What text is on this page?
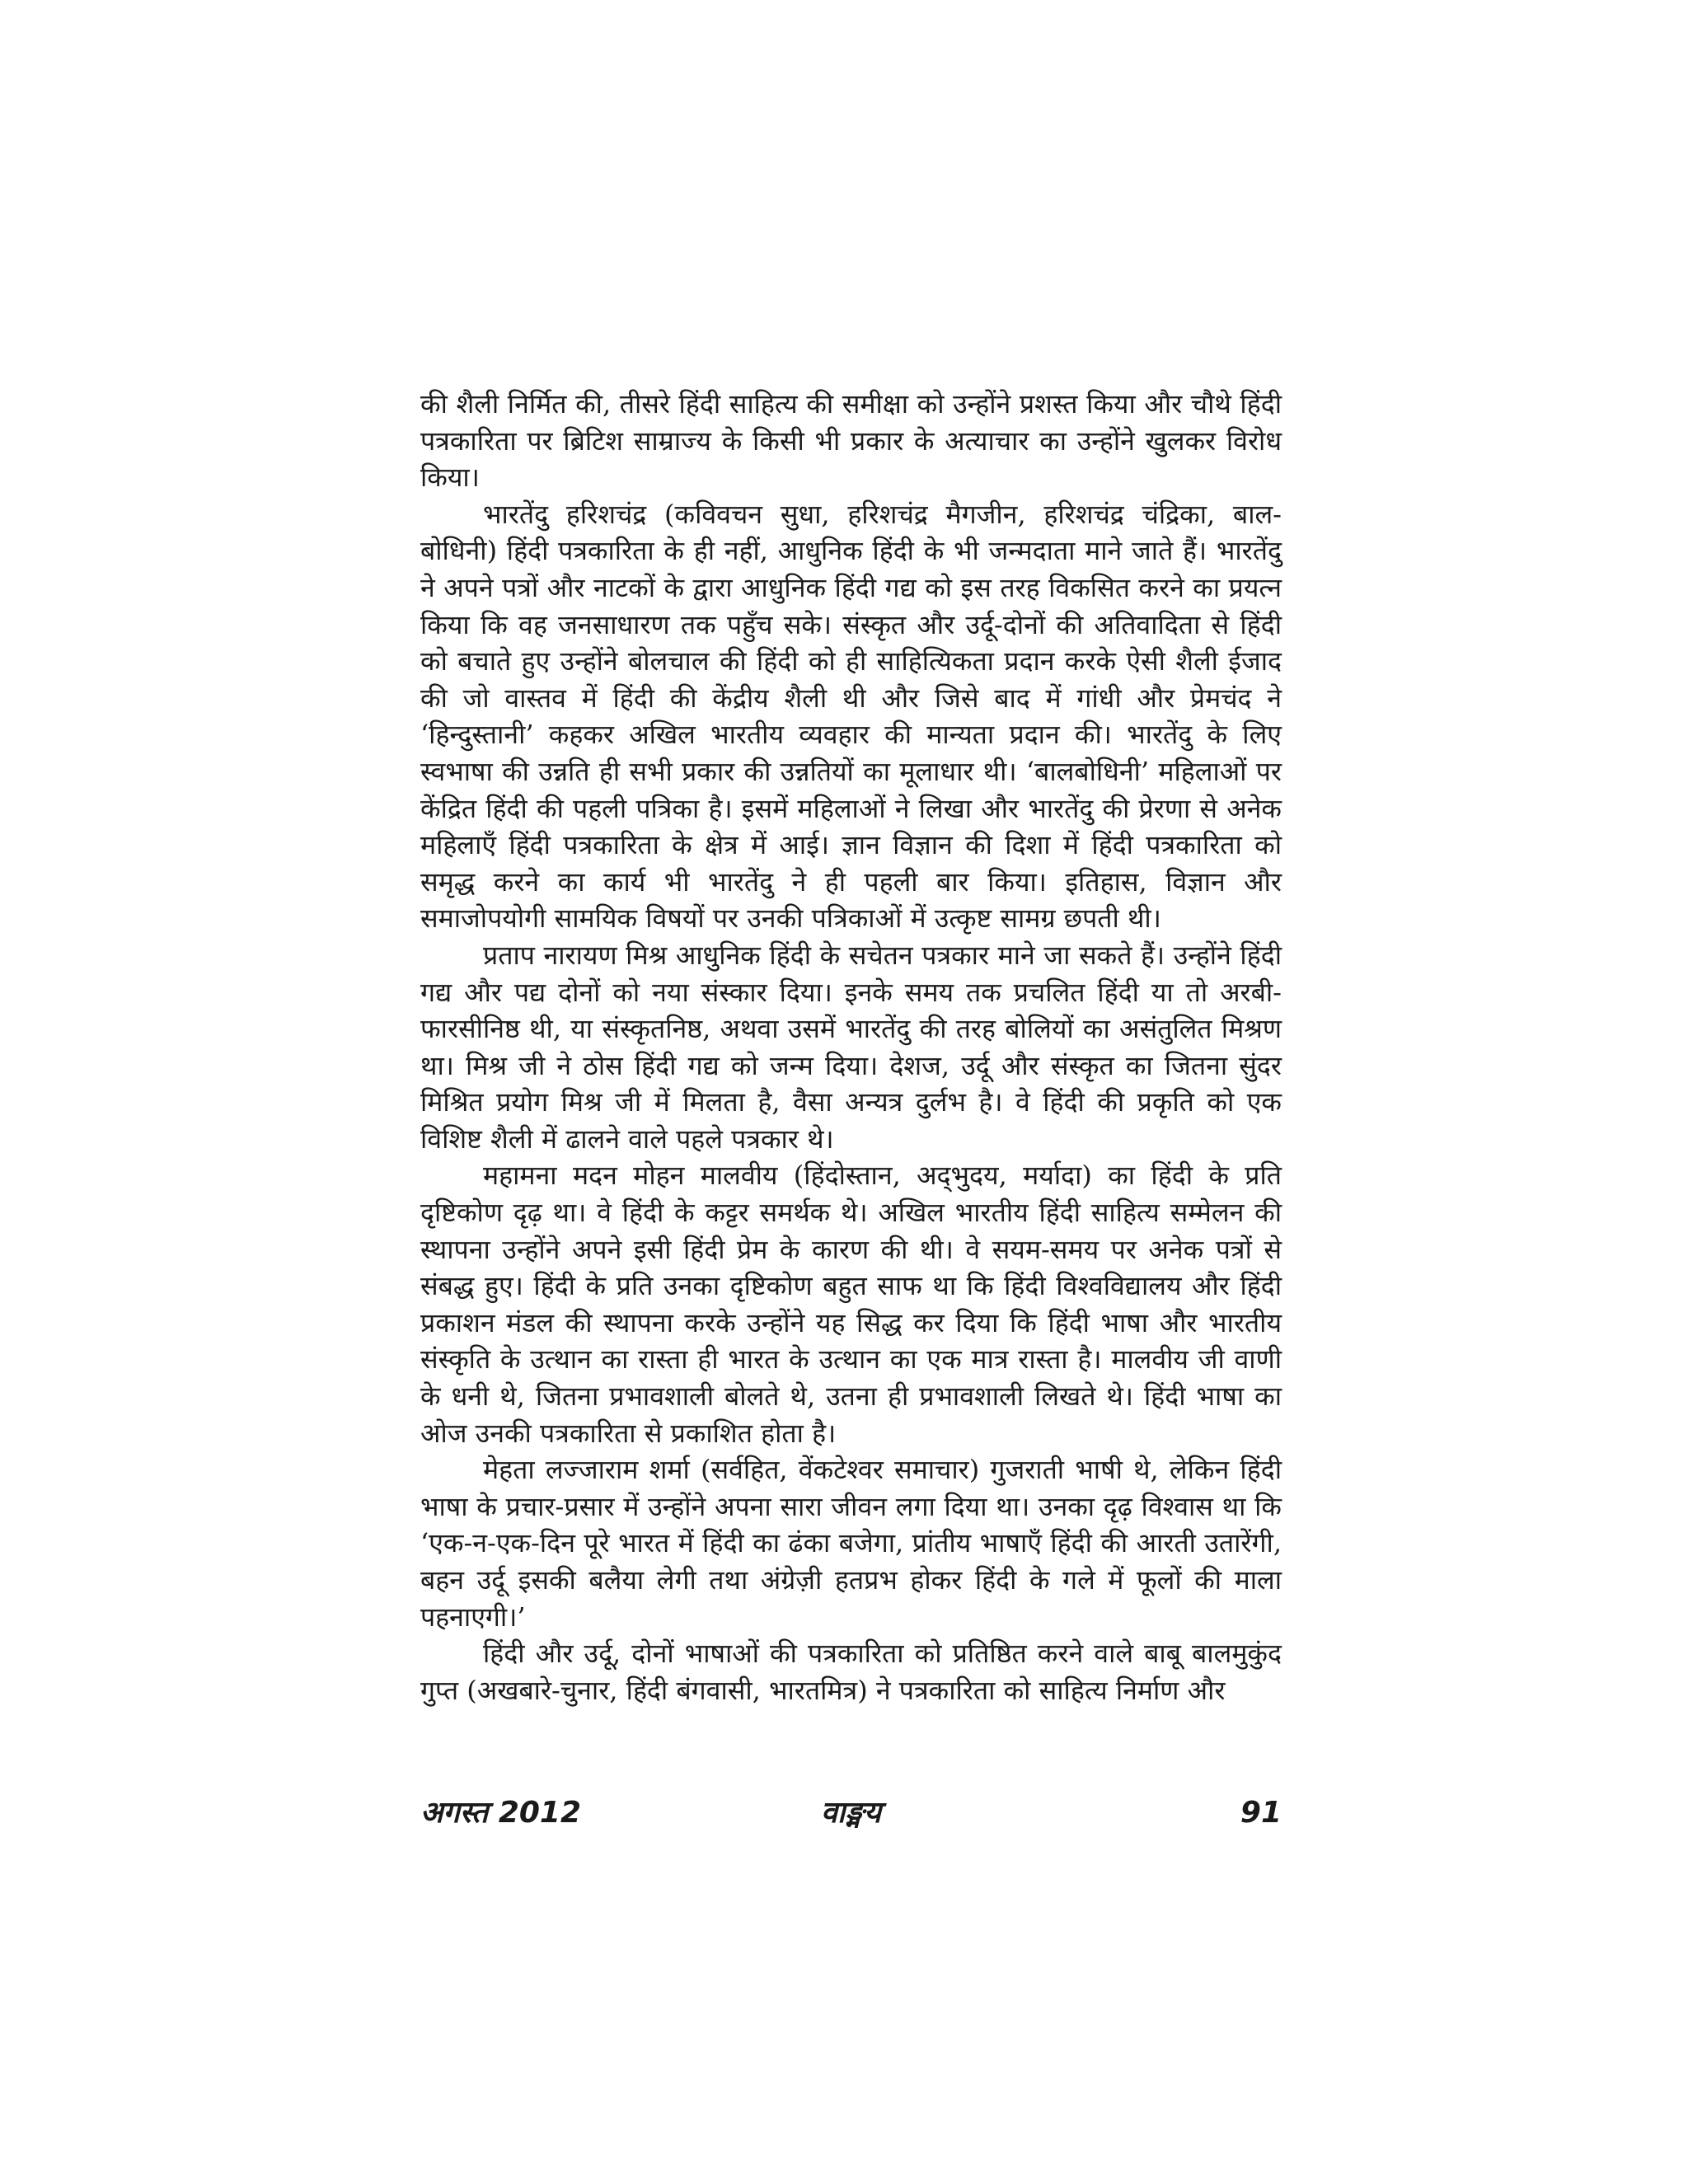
की शैली निर्मित की, तीसरे हिंदी साहित्य की समीक्षा को उन्होंने प्रशस्त किया और चौथे हिंदी पत्रकारिता पर ब्रिटिश साम्राज्य के किसी भी प्रकार के अत्याचार का उन्होंने खुलकर विरोध किया।

भारतेंदु हरिशचंद्र (कविवचन सुधा, हरिशचंद्र मैगजीन, हरिशचंद्र चंद्रिका, बाल-बोधिनी) हिंदी पत्रकारिता के ही नहीं, आधुनिक हिंदी के भी जन्मदाता माने जाते हैं। भारतेंदु ने अपने पत्रों और नाटकों के द्वारा आधुनिक हिंदी गद्य को इस तरह विकसित करने का प्रयत्न किया कि वह जनसाधारण तक पहुँच सके। संस्कृत और उर्दू-दोनों की अतिवादिता से हिंदी को बचाते हुए उन्होंने बोलचाल की हिंदी को ही साहित्यिकता प्रदान करके ऐसी शैली ईजाद की जो वास्तव में हिंदी की केंद्रीय शैली थी और जिसे बाद में गांधी और प्रेमचंद ने ‘हिन्दुस्तानी’ कहकर अखिल भारतीय व्यवहार की मान्यता प्रदान की। भारतेंदु के लिए स्वभाषा की उन्नति ही सभी प्रकार की उन्नतियों का मूलाधार थी। ‘बालबोधिनी’ महिलाओं पर केंद्रित हिंदी की पहली पत्रिका है। इसमें महिलाओं ने लिखा और भारतेंदु की प्रेरणा से अनेक महिलाएँ हिंदी पत्रकारिता के क्षेत्र में आई। ज्ञान विज्ञान की दिशा में हिंदी पत्रकारिता को समृद्ध करने का कार्य भी भारतेंदु ने ही पहली बार किया। इतिहास, विज्ञान और समाजोपयोगी सामयिक विषयों पर उनकी पत्रिकाओं में उत्कृष्ट सामग्र छपती थी।

प्रताप नारायण मिश्र आधुनिक हिंदी के सचेतन पत्रकार माने जा सकते हैं। उन्होंने हिंदी गद्य और पद्य दोनों को नया संस्कार दिया। इनके समय तक प्रचलित हिंदी या तो अरबी-फारसीनिष्ठ थी, या संस्कृतनिष्ठ, अथवा उसमें भारतेंदु की तरह बोलियों का असंतुलित मिश्रण था। मिश्र जी ने ठोस हिंदी गद्य को जन्म दिया। देशज, उर्दू और संस्कृत का जितना सुंदर मिश्रित प्रयोग मिश्र जी में मिलता है, वैसा अन्यत्र दुर्लभ है। वे हिंदी की प्रकृति को एक विशिष्ट शैली में ढालने वाले पहले पत्रकार थे।

महामना मदन मोहन मालवीय (हिंदोस्तान, अद्‌भुदय, मर्यादा) का हिंदी के प्रति दृष्टिकोण दृढ़ था। वे हिंदी के कट्टर समर्थक थे। अखिल भारतीय हिंदी साहित्य सम्मेलन की स्थापना उन्होंने अपने इसी हिंदी प्रेम के कारण की थी। वे सयम-समय पर अनेक पत्रों से संबद्ध हुए। हिंदी के प्रति उनका दृष्टिकोण बहुत साफ था कि हिंदी विश्वविद्यालय और हिंदी प्रकाशन मंडल की स्थापना करके उन्होंने यह सिद्ध कर दिया कि हिंदी भाषा और भारतीय संस्कृति के उत्थान का रास्ता ही भारत के उत्थान का एक मात्र रास्ता है। मालवीय जी वाणी के धनी थे, जितना प्रभावशाली बोलते थे, उतना ही प्रभावशाली लिखते थे। हिंदी भाषा का ओज उनकी पत्रकारिता से प्रकाशित होता है।

मेहता लज्जाराम शर्मा (सर्वहित, वेंकटेश्वर समाचार) गुजराती भाषी थे, लेकिन हिंदी भाषा के प्रचार-प्रसार में उन्होंने अपना सारा जीवन लगा दिया था। उनका दृढ़ विश्वास था कि ‘एक-न-एक-दिन पूरे भारत में हिंदी का ढंका बजेगा, प्रांतीय भाषाएँ हिंदी की आरती उतारेंगी, बहन उर्दू इसकी बलैया लेगी तथा अंग्रेज़ी हतप्रभ होकर हिंदी के गले में फूलों की माला पहनाएगी।’

हिंदी और उर्दू, दोनों भाषाओं की पत्रकारिता को प्रतिष्ठित करने वाले बाबू बालमुकुंद गुप्त (अखबारे-चुनार, हिंदी बंगवासी, भारतमित्र) ने पत्रकारिता को साहित्य निर्माण और

अगस्त 2012	वाङ्मय	91
